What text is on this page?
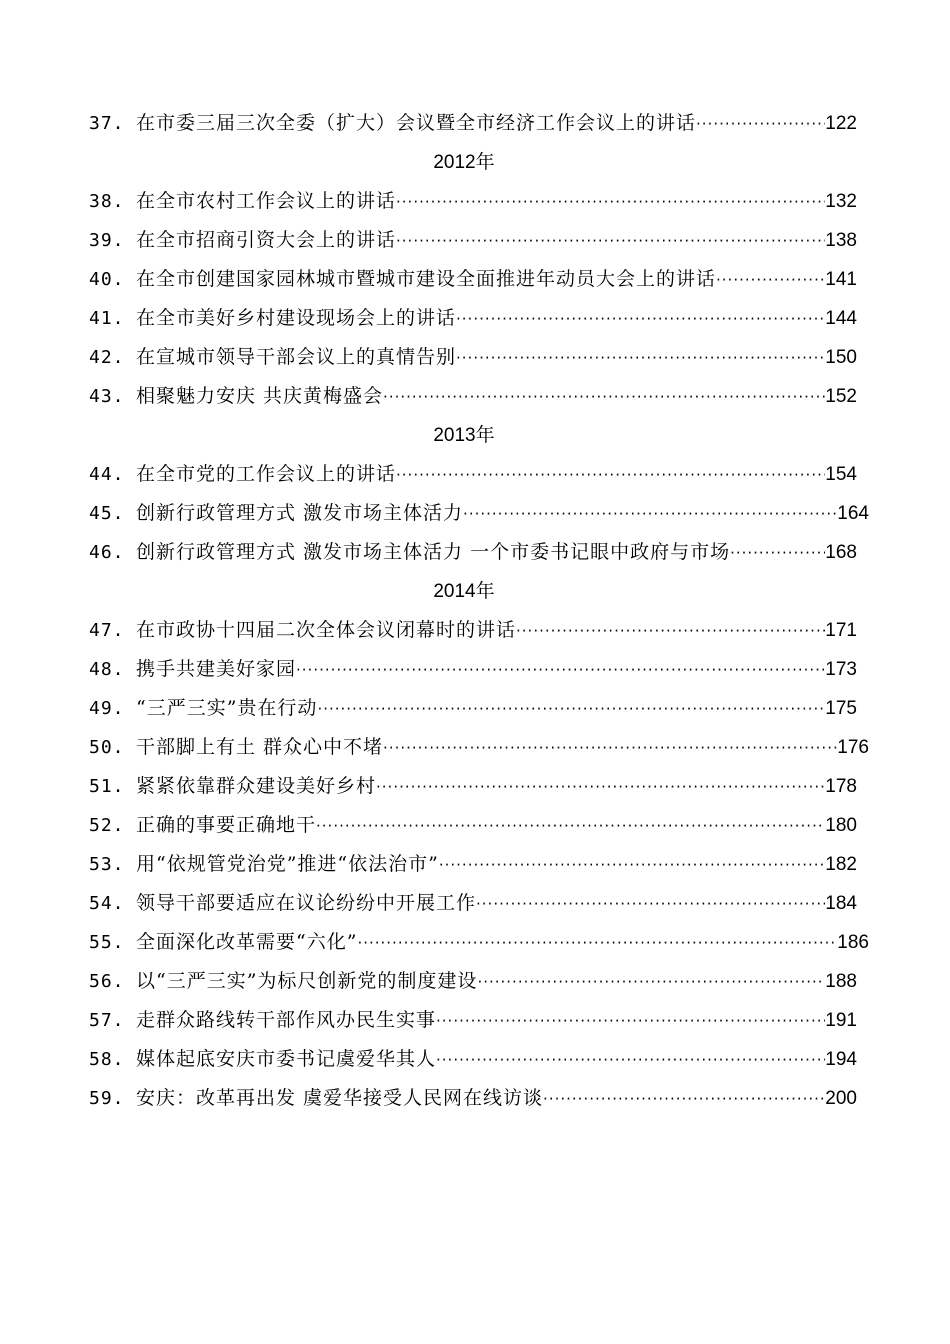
37. 在市委三届三次全委（扩大）会议暨全市经济工作会议上的讲话 ·····	122
2012年
38. 在全市农村工作会议上的讲话 ·····	132
39. 在全市招商引资大会上的讲话 ·····	138
40. 在全市创建国家园林城市暨城市建设全面推进年动员大会上的讲话 ·····	141
41. 在全市美好乡村建设现场会上的讲话 ·····	144
42. 在宣城市领导干部会议上的真情告别 ·····	150
43. 相聚魅力安庆 共庆黄梅盛会 ·····	152
2013年
44. 在全市党的工作会议上的讲话 ·····	154
45. 创新行政管理方式 激发市场主体活力 ·····	164
46. 创新行政管理方式 激发市场主体活力 一个市委书记眼中政府与市场 ·····	168
2014年
47. 在市政协十四届二次全体会议闭幕时的讲话 ·····	171
48. 携手共建美好家园 ·····	173
49. “三严三实”贵在行动 ·····	175
50. 干部脚上有土 群众心中不堵 ·····	176
51. 紧紧依靠群众建设美好乡村 ·····	178
52. 正确的事要正确地干 ·····	180
53. 用“依规管党治党”推进“依法治市” ·····	182
54. 领导干部要适应在议论纷纷中开展工作 ·····	184
55. 全面深化改革需要“六化” ·····	186
56. 以“三严三实”为标尺创新党的制度建设 ·····	188
57. 走群众路线转干部作风办民生实事 ·····	191
58. 媒体起底安庆市委书记虞爱华其人 ·····	194
59. 安庆：改革再出发 虞爱华接受人民网在线访谈 ·····	200
